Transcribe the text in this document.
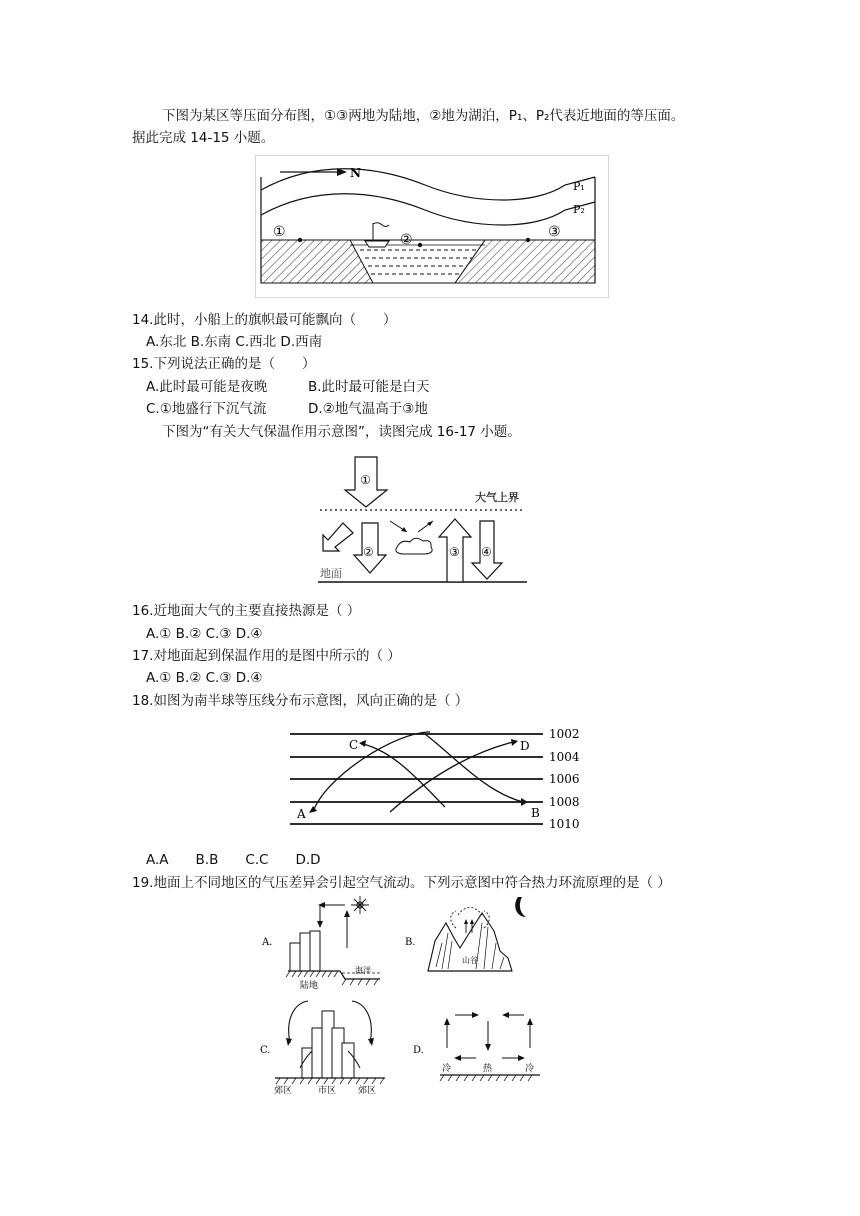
下图为某区等压面分布图，①③两地为陆地，②地为湖泊，P₁、P₂代表近地面的等压面。
据此完成 14-15 小题。
N
P₁
P₂
①	②	③
14.此时，小船上的旗帜最可能飘向（　　）
A.东北 B.东南 C.西北 D.西南
15.下列说法正确的是（　　）
A.此时最可能是夜晚	B.此时最可能是白天
C.①地盛行下沉气流	D.②地气温高于③地
下图为“有关大气保温作用示意图”，读图完成 16-17 小题。
大气上界
地面
①
②	③ ④
16.近地面大气的主要直接热源是（ ）
A.① B.② C.③ D.④
17.对地面起到保温作用的是图中所示的（ ）
A.① B.② C.③ D.④
18.如图为南半球等压线分布示意图，风向正确的是（ ）
1002
1004
1006
1008
1010
A	B
C	D
A.A　　B.B　　C.C　　D.D
19.地面上不同地区的气压差异会引起空气流动。下列示意图中符合热力环流原理的是（ ）
A.
陆地
海洋
B.
山谷
C.
郊区	市区 郊区
D.
冷	热	冷
